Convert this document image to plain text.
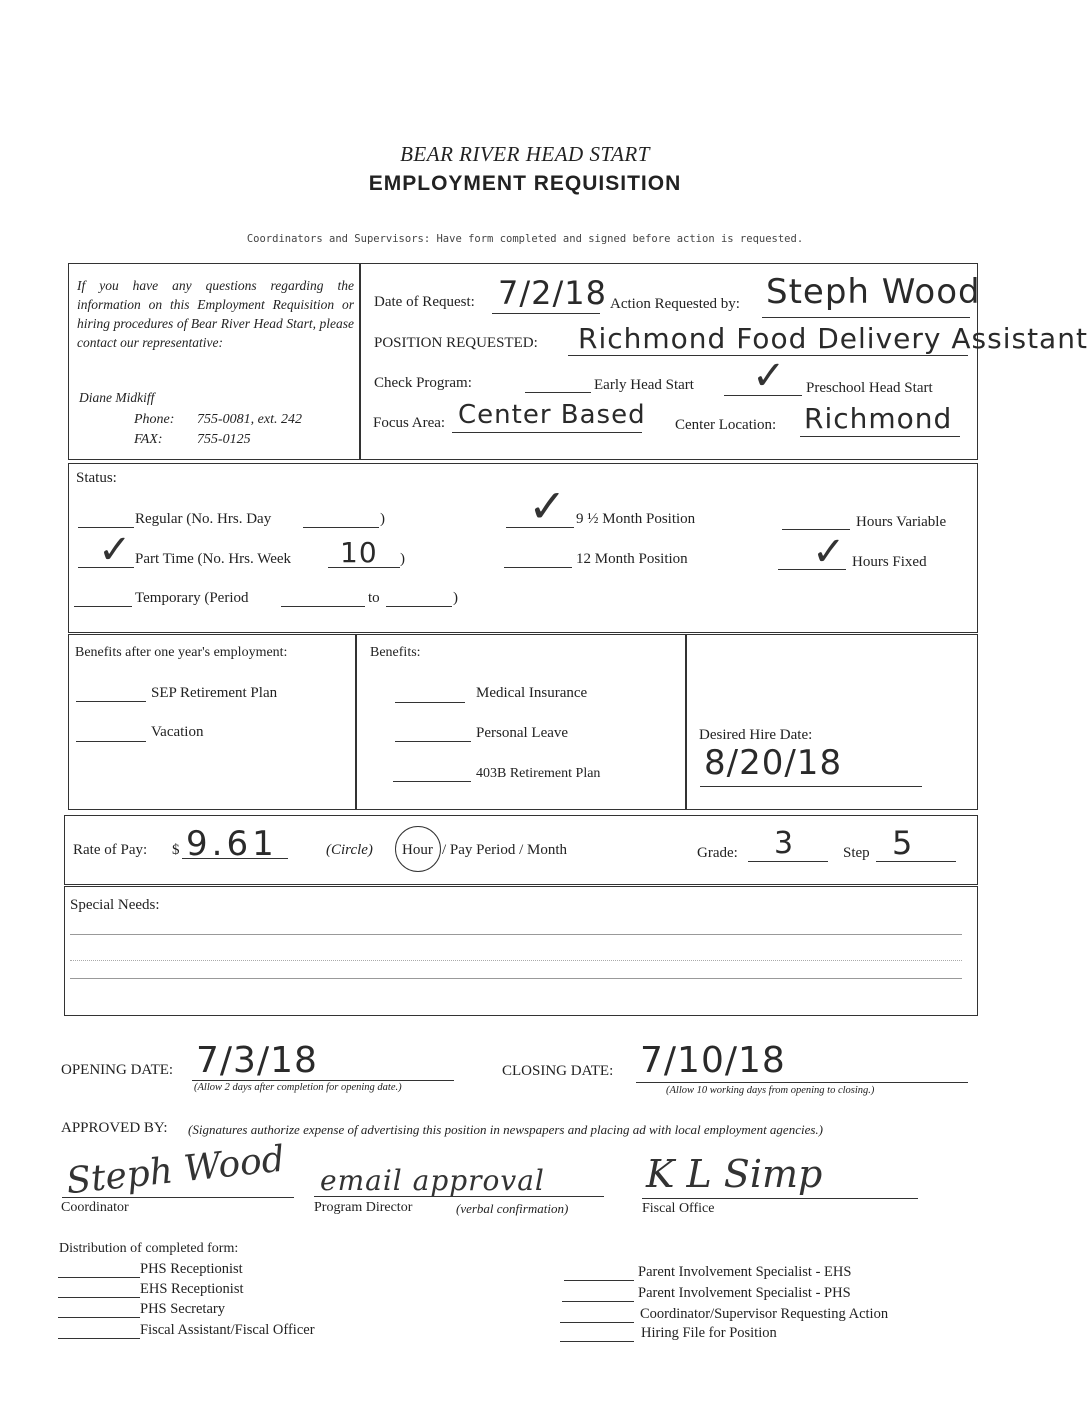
BEAR RIVER HEAD START
EMPLOYMENT REQUISITION
Coordinators and Supervisors: Have form completed and signed before action is requested.
If you have any questions regarding the information on this Employment Requisition or hiring procedures of Bear River Head Start, please contact our representative:
Diane Midkiff
Phone: 755-0081, ext. 242
FAX: 755-0125
Date of Request: 7/2/18 Action Requested by: Steph Wood
POSITION REQUESTED: Richmond Food Delivery Assistant
Check Program:	Early Head Start ✓ Preschool Head Start
Focus Area: Center Based Center Location: Richmond
Status:
Regular (No. Hrs. Day	)
✓ Part Time (No. Hrs. Week 10 )
Temporary (Period	to	)
✓ 9 ½ Month Position
12 Month Position
Hours Variable
✓ Hours Fixed
Benefits after one year's employment:
SEP Retirement Plan
Vacation
Benefits:
Medical Insurance
Personal Leave
403B Retirement Plan
Desired Hire Date:
8/20/18
Rate of Pay: $ 9.61	(Circle) Hour / Pay Period / Month	Grade: 3	Step 5
Special Needs:
OPENING DATE: 7/3/18
(Allow 2 days after completion for opening date.)
CLOSING DATE: 7/10/18
(Allow 10 working days from opening to closing.)
APPROVED BY: (Signatures authorize expense of advertising this position in newspapers and placing ad with local employment agencies.)
Steph Wood
Coordinator
email approval
Program Director	(verbal confirmation)
K L Simp
Fiscal Office
Distribution of completed form:
PHS Receptionist
EHS Receptionist
PHS Secretary
Fiscal Assistant/Fiscal Officer
Parent Involvement Specialist - EHS
Parent Involvement Specialist - PHS
Coordinator/Supervisor Requesting Action
Hiring File for Position
